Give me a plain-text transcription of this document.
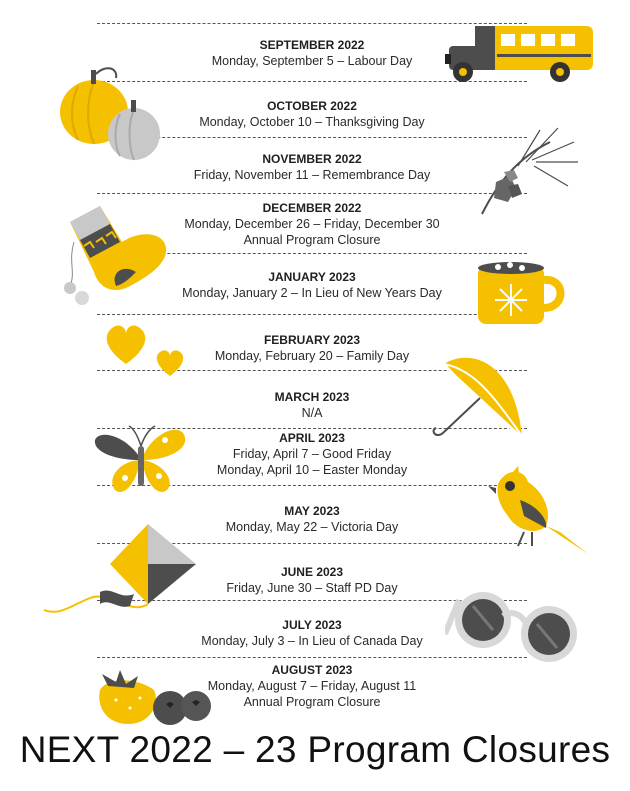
SEPTEMBER 2022
Monday, September 5 – Labour Day
OCTOBER 2022
Monday, October 10 – Thanksgiving Day
NOVEMBER 2022
Friday, November 11 – Remembrance Day
DECEMBER 2022
Monday, December 26 – Friday, December 30
Annual Program Closure
JANUARY 2023
Monday, January 2 – In Lieu of New Years Day
FEBRUARY 2023
Monday, February 20 – Family Day
MARCH 2023
N/A
APRIL 2023
Friday, April 7 – Good Friday
Monday, April 10 – Easter Monday
MAY 2023
Monday, May 22 – Victoria Day
JUNE 2023
Friday, June 30 – Staff PD Day
JULY 2023
Monday, July 3 – In Lieu of Canada Day
AUGUST 2023
Monday, August 7 – Friday, August 11
Annual Program Closure
NEXT 2022 – 23 Program Closures
